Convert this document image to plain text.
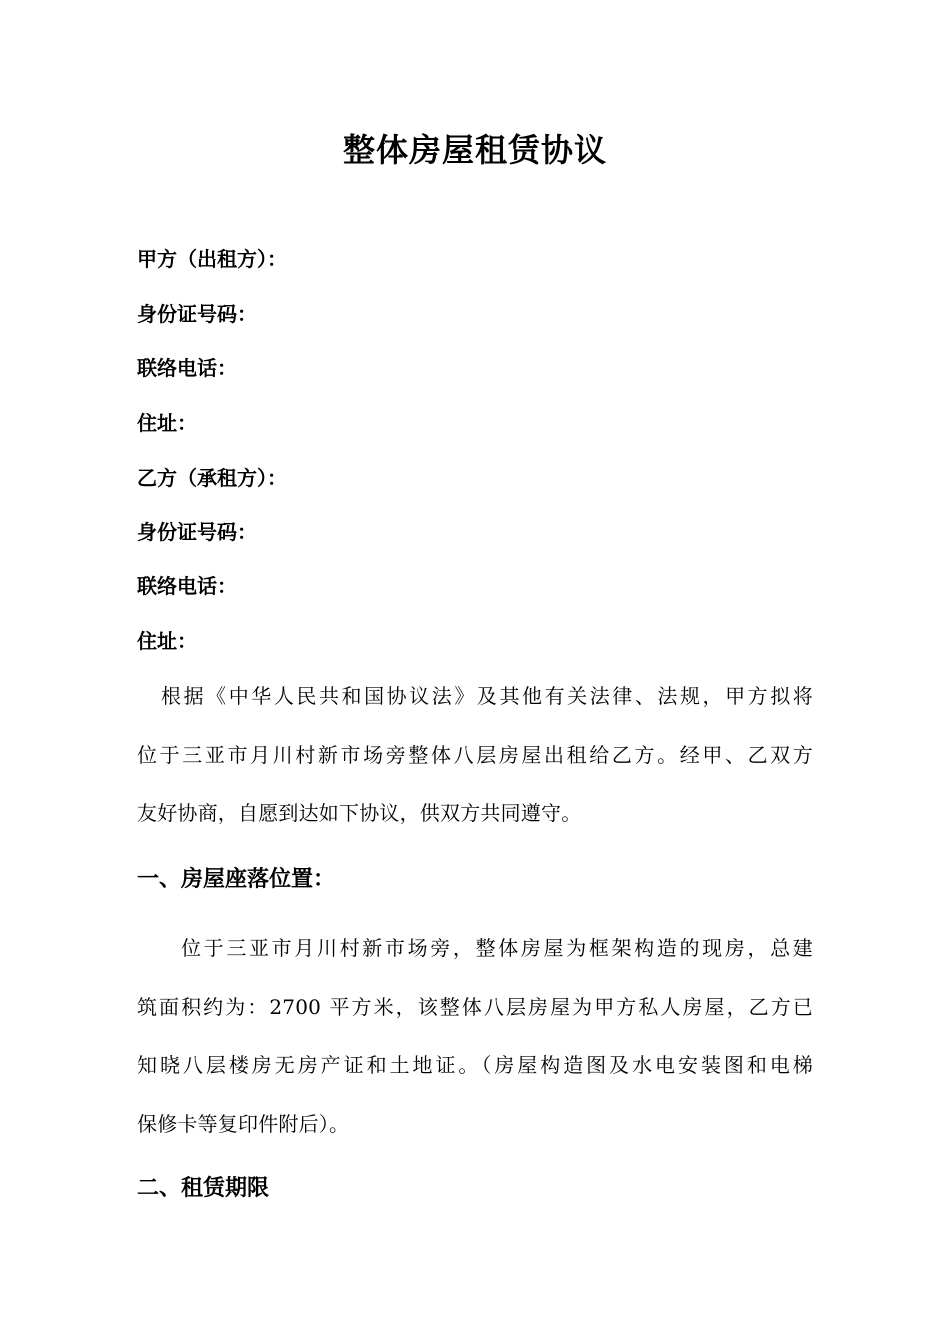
整体房屋租赁协议
甲方（出租方）：
身份证号码：
联络电话：
住址：
乙方（承租方）：
身份证号码：
联络电话：
住址：
根据《中华人民共和国协议法》及其他有关法律、法规，甲方拟将
位于三亚市月川村新市场旁整体八层房屋出租给乙方。经甲、乙双方
友好协商，自愿到达如下协议，供双方共同遵守。
一、房屋座落位置：
位于三亚市月川村新市场旁，整体房屋为框架构造的现房，总建
筑面积约为：2700 平方米，该整体八层房屋为甲方私人房屋，乙方已
知晓八层楼房无房产证和土地证。（房屋构造图及水电安装图和电梯
保修卡等复印件附后）。
二、租赁期限
